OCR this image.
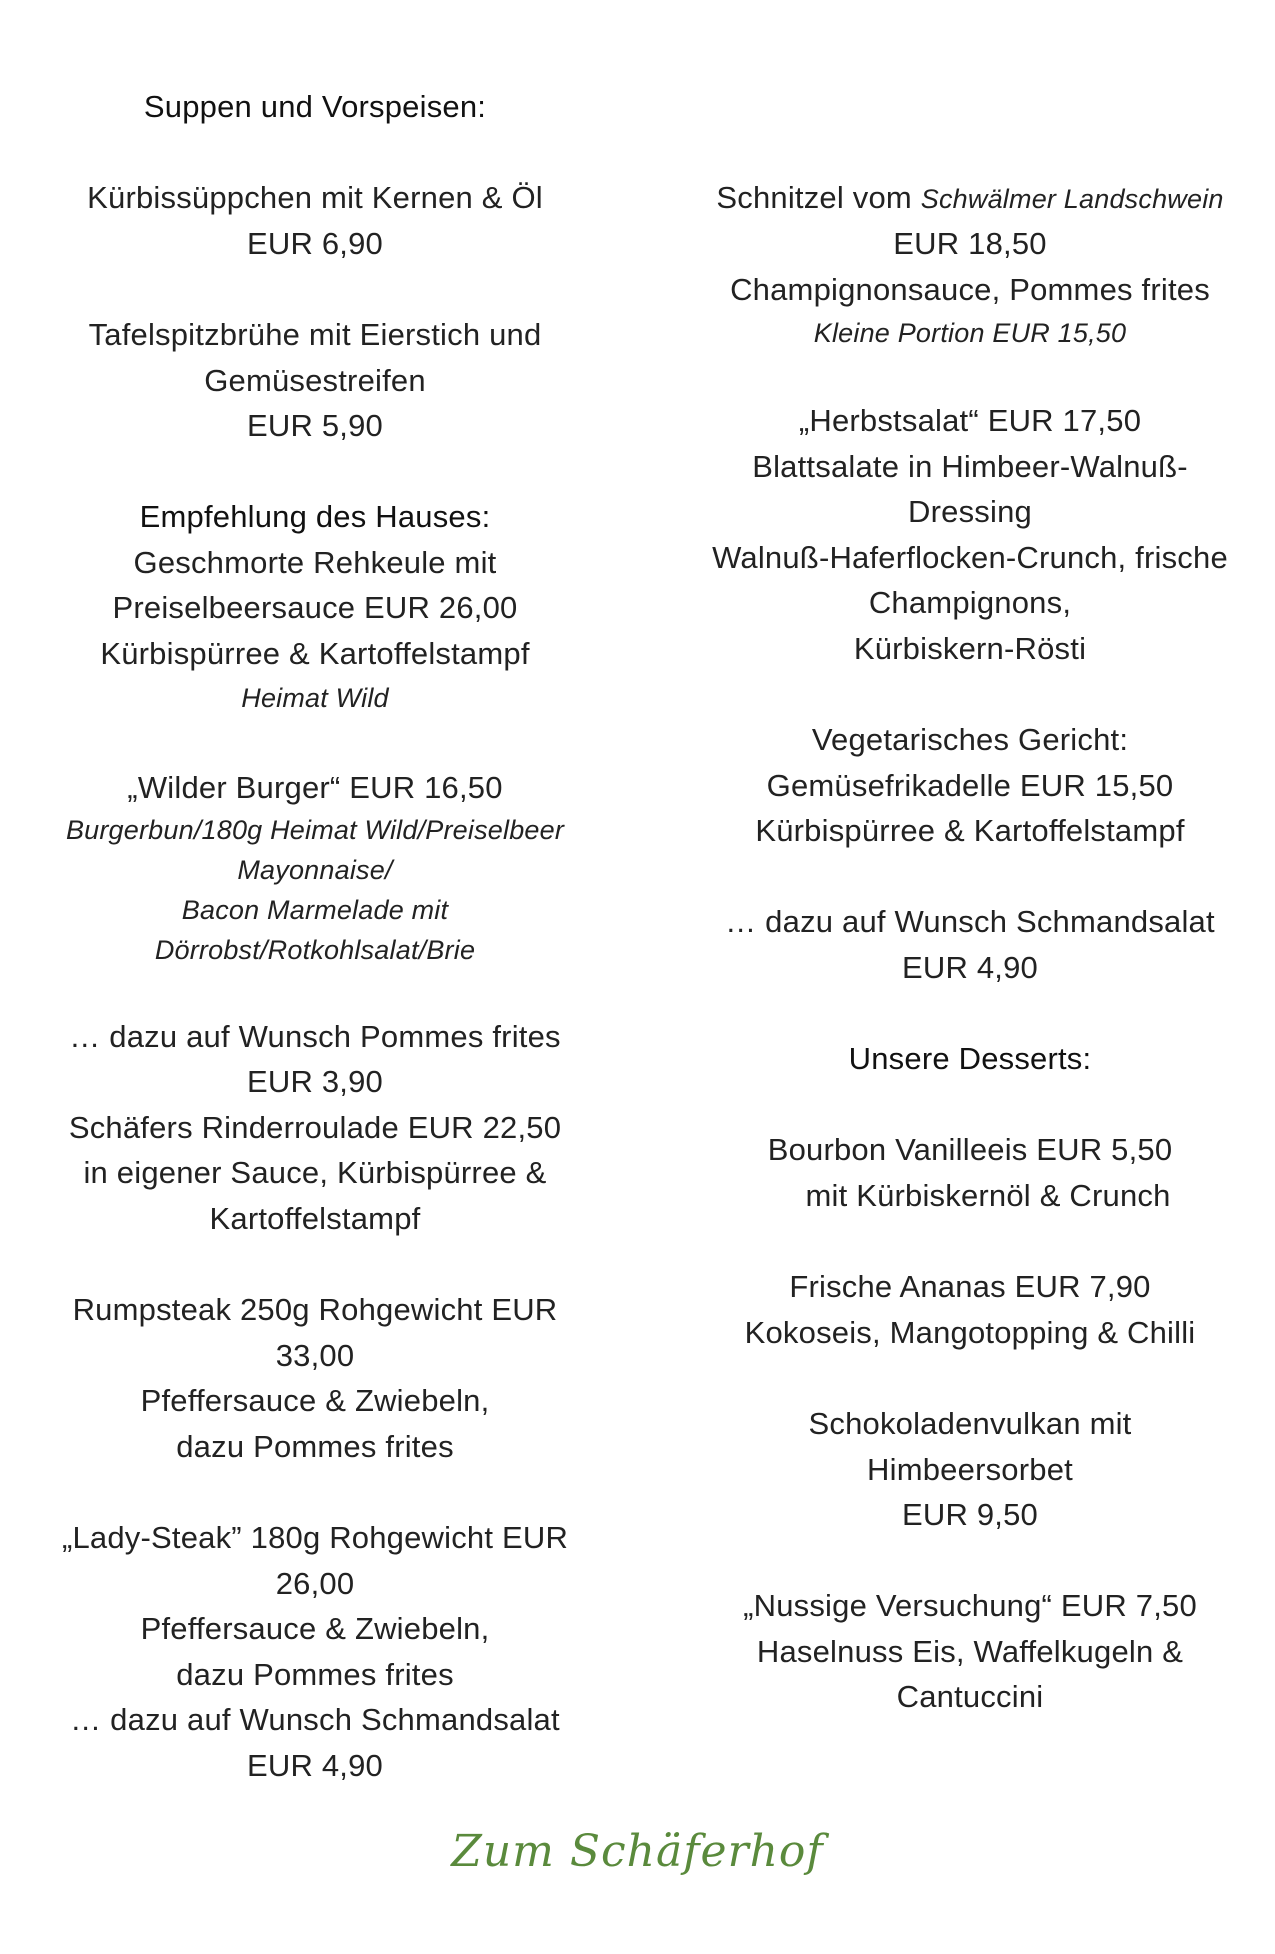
Suppen und Vorspeisen:
Kürbissüppchen mit Kernen & Öl
EUR 6,90
Tafelspitzbrühe mit Eierstich und
Gemüsestreifen
EUR 5,90
Empfehlung des Hauses:
Geschmorte Rehkeule mit
Preiselbeersauce EUR 26,00
Kürbispürree & Kartoffelstampf
Heimat Wild
„Wilder Burger“ EUR 16,50
Burgerbun/180g Heimat Wild/Preiselbeer
Mayonnaise/
Bacon Marmelade mit
Dörrobst/Rotkohlsalat/Brie
… dazu auf Wunsch Pommes frites
EUR 3,90
Schäfers Rinderroulade EUR 22,50
in eigener Sauce, Kürbispürree &
Kartoffelstampf
Rumpsteak 250g Rohgewicht EUR
33,00
Pfeffersauce & Zwiebeln,
dazu Pommes frites
„Lady-Steak” 180g Rohgewicht EUR
26,00
Pfeffersauce & Zwiebeln,
dazu Pommes frites
… dazu auf Wunsch Schmandsalat
EUR 4,90
Schnitzel vom Schwälmer Landschwein
EUR 18,50
Champignonsauce, Pommes frites
Kleine Portion EUR 15,50
„Herbstsalat“ EUR 17,50
Blattsalate in Himbeer-Walnuß-
Dressing
Walnuß-Haferflocken-Crunch, frische
Champignons,
Kürbiskern-Rösti
Vegetarisches Gericht:
Gemüsefrikadelle EUR 15,50
Kürbispürree & Kartoffelstampf
… dazu auf Wunsch Schmandsalat
EUR 4,90
Unsere Desserts:
Bourbon Vanilleeis EUR 5,50
mit Kürbiskernöl & Crunch
Frische Ananas EUR 7,90
Kokoseis, Mangotopping & Chilli
Schokoladenvulkan mit
Himbeersorbet
EUR 9,50
„Nussige Versuchung“ EUR 7,50
Haselnuss Eis, Waffelkugeln &
Cantuccini
Zum Schäferhof
